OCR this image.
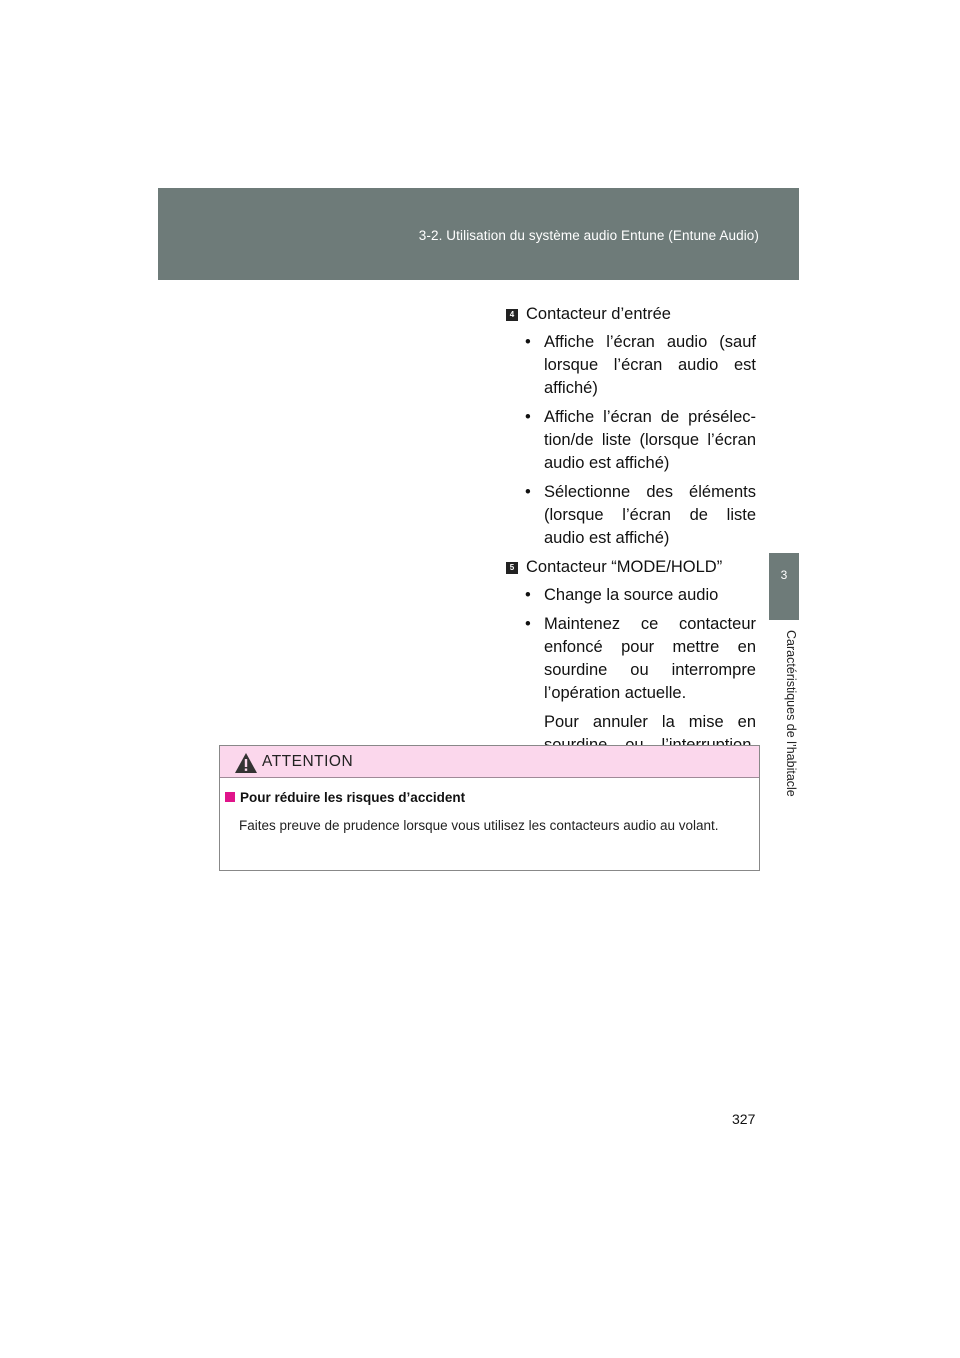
3-2. Utilisation du système audio Entune (Entune Audio)
3
Caractéristiques de l’habitacle
4 Contacteur d’entrée
• Affiche l’écran audio (sauf lorsque l’écran audio est affiché)
• Affiche l’écran de présélec-tion/de liste (lorsque l’écran audio est affiché)
• Sélectionne des éléments (lorsque l’écran de liste audio est affiché)
5 Contacteur “MODE/HOLD”
• Change la source audio
• Maintenez ce contacteur enfoncé pour mettre en sourdine ou interrompre l’opération actuelle.
Pour annuler la mise en
ATTENTION
Pour réduire les risques d’accident
Faites preuve de prudence lorsque vous utilisez les contacteurs audio au volant.
327
